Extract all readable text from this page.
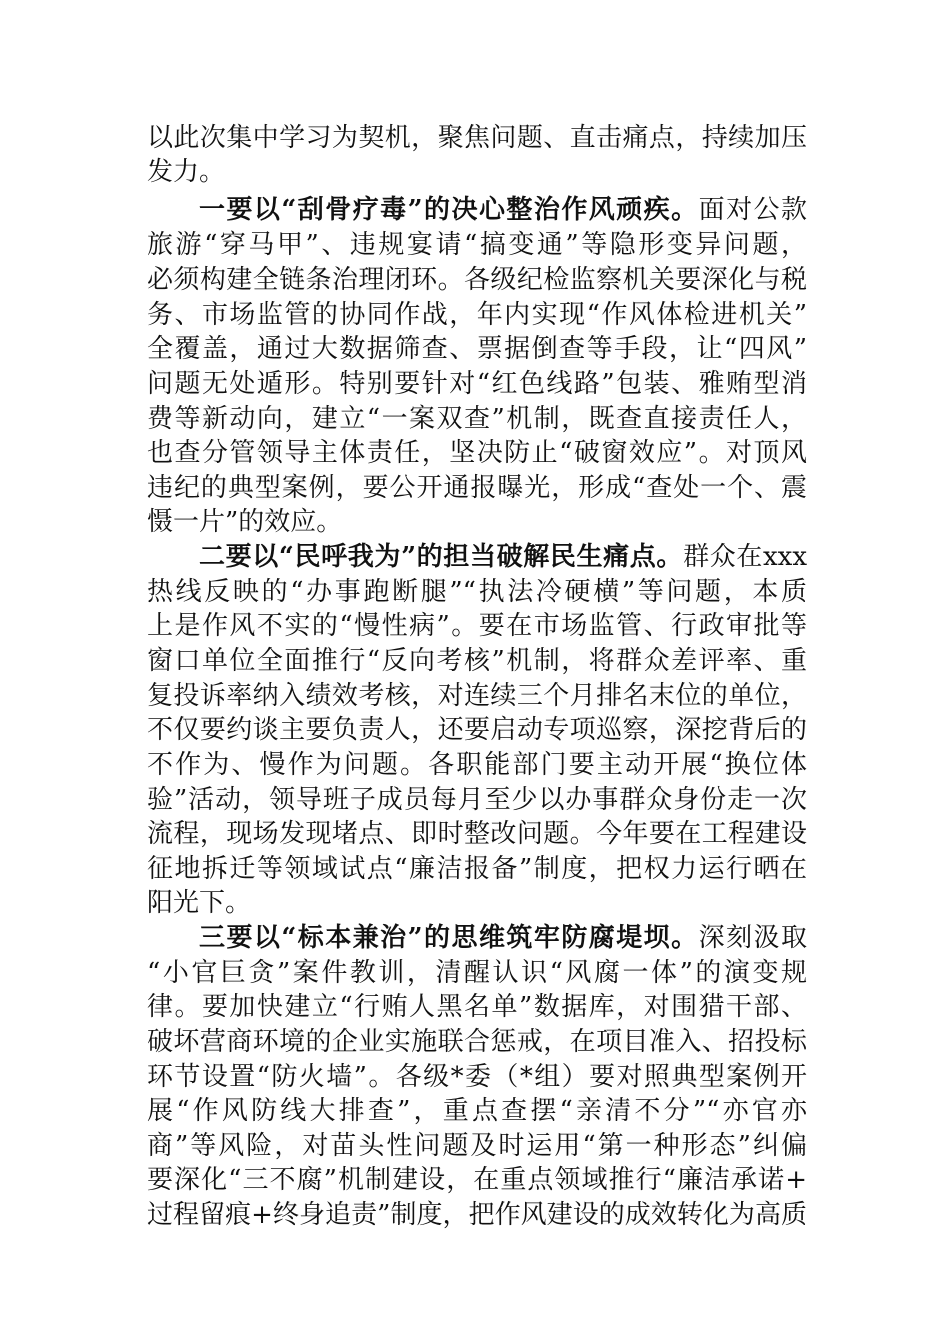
以此次集中学习为契机，聚焦问题、直击痛点，持续加压
发力。
一要以“刮骨疗毒”的决心整治作风顽疾。面对公款
旅游“穿马甲”、违规宴请“搞变通”等隐形变异问题，
必须构建全链条治理闭环。各级纪检监察机关要深化与税
务、市场监管的协同作战，年内实现“作风体检进机关”
全覆盖，通过大数据筛查、票据倒查等手段，让“四风”
问题无处遁形。特别要针对“红色线路”包装、雅贿型消
费等新动向，建立“一案双查”机制，既查直接责任人，
也查分管领导主体责任，坚决防止“破窗效应”。对顶风
违纪的典型案例，要公开通报曝光，形成“查处一个、震
慑一片”的效应。
二要以“民呼我为”的担当破解民生痛点。群众在xxx
热线反映的“办事跑断腿”“执法冷硬横”等问题，本质
上是作风不实的“慢性病”。要在市场监管、行政审批等
窗口单位全面推行“反向考核”机制，将群众差评率、重
复投诉率纳入绩效考核，对连续三个月排名末位的单位，
不仅要约谈主要负责人，还要启动专项巡察，深挖背后的
不作为、慢作为问题。各职能部门要主动开展“换位体
验”活动，领导班子成员每月至少以办事群众身份走一次
流程，现场发现堵点、即时整改问题。今年要在工程建设
征地拆迁等领域试点“廉洁报备”制度，把权力运行晒在
阳光下。
三要以“标本兼治”的思维筑牢防腐堤坝。深刻汲取
“小官巨贪”案件教训，清醒认识“风腐一体”的演变规
律。要加快建立“行贿人黑名单”数据库，对围猎干部、
破坏营商环境的企业实施联合惩戒，在项目准入、招投标
环节设置“防火墙”。各级*委（*组）要对照典型案例开
展“作风防线大排查”，重点查摆“亲清不分”“亦官亦
商”等风险，对苗头性问题及时运用“第一种形态”纠偏
要深化“三不腐”机制建设，在重点领域推行“廉洁承诺+
过程留痕+终身追责”制度，把作风建设的成效转化为高质
